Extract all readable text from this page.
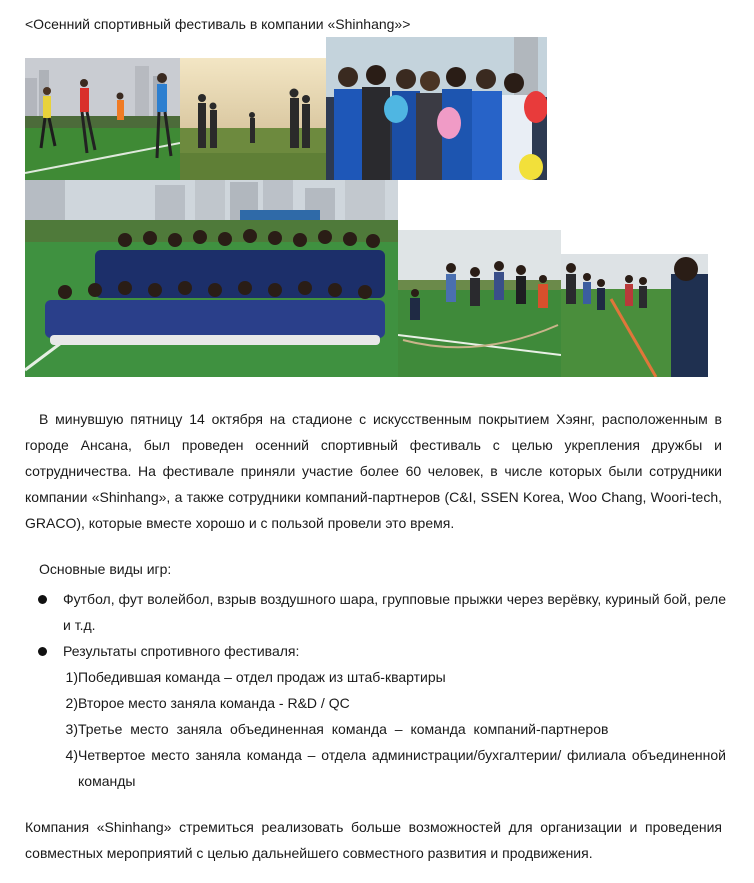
<Осенний спортивный фестиваль в компании «Shinhang»>

В минувшую пятницу 14 октября на стадионе с искусственным покрытием Хэянг, расположенным в городе Ансана, был проведен осенний спортивный фестиваль с целью укрепления дружбы и сотрудничества. На фестивале приняли участие более 60 человек, в числе которых были сотрудники компании «Shinhang», а также сотрудники компаний-партнеров (C&I, SSEN Korea, Woo Chang, Woori-tech, GRACO), которые вместе хорошо и с пользой провели это время.

Основные виды игр:
Футбол, фут волейбол, взрыв воздушного шара, групповые прыжки через верёвку, куриный бой, реле и т.д.
Результаты спротивного фестиваля:
1) Победившая команда – отдел продаж из штаб-квартиры
2) Второе место заняла команда - R&D / QC
3) Третье место заняла объединенная команда – команда компаний-партнеров
4) Четвертое место заняла команда – отдела администрации/бухгалтерии/ филиала объединенной команды

Компания «Shinhang» стремиться реализовать больше возможностей для организации и проведения совместных мероприятий с целью дальнейшего совместного развития и продвижения.
